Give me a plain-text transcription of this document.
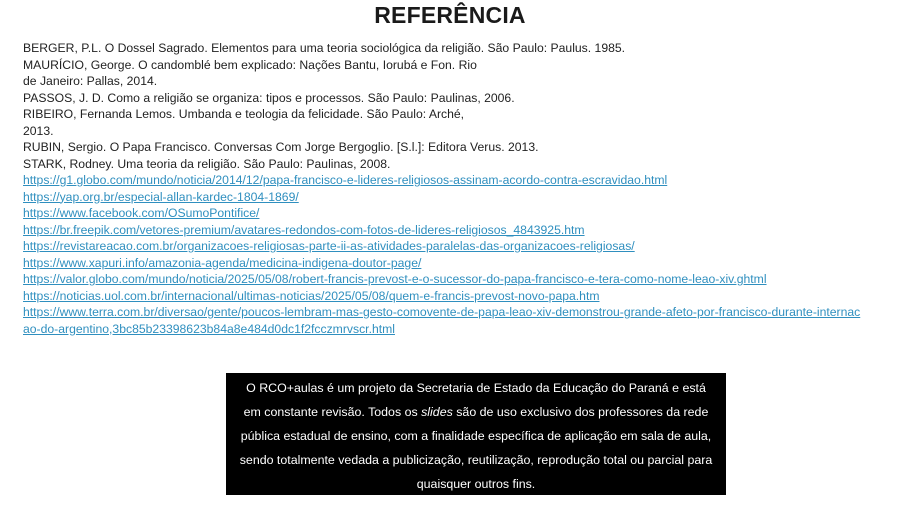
REFERÊNCIA
BERGER, P.L. O Dossel Sagrado. Elementos para uma teoria sociológica da religião. São Paulo: Paulus. 1985.
MAURÍCIO, George. O candomblé bem explicado: Nações Bantu, Iorubá e Fon. Rio
de Janeiro: Pallas, 2014.
PASSOS, J. D. Como a religião se organiza: tipos e processos. São Paulo: Paulinas, 2006.
RIBEIRO, Fernanda Lemos. Umbanda e teologia da felicidade. São Paulo: Arché,
2013.
RUBIN, Sergio. O Papa Francisco. Conversas Com Jorge Bergoglio. [S.l.]: Editora Verus. 2013.
STARK, Rodney. Uma teoria da religião. São Paulo: Paulinas, 2008.
https://g1.globo.com/mundo/noticia/2014/12/papa-francisco-e-lideres-religiosos-assinam-acordo-contra-escravidao.html
https://yap.org.br/especial-allan-kardec-1804-1869/
https://www.facebook.com/OSumoPontifice/
https://br.freepik.com/vetores-premium/avatares-redondos-com-fotos-de-lideres-religiosos_4843925.htm
https://revistareacao.com.br/organizacoes-religiosas-parte-ii-as-atividades-paralelas-das-organizacoes-religiosas/
https://www.xapuri.info/amazonia-agenda/medicina-indigena-doutor-page/
https://valor.globo.com/mundo/noticia/2025/05/08/robert-francis-prevost-e-o-sucessor-do-papa-francisco-e-tera-como-nome-leao-xiv.ghtml
https://noticias.uol.com.br/internacional/ultimas-noticias/2025/05/08/quem-e-francis-prevost-novo-papa.htm
https://www.terra.com.br/diversao/gente/poucos-lembram-mas-gesto-comovente-de-papa-leao-xiv-demonstrou-grande-afeto-por-francisco-durante-internacao-do-argentino,3bc85b23398623b84a8e484d0dc1f2fcczmrvscr.html
O RCO+aulas é um projeto da Secretaria de Estado da Educação do Paraná e está em constante revisão. Todos os slides são de uso exclusivo dos professores da rede pública estadual de ensino, com a finalidade específica de aplicação em sala de aula, sendo totalmente vedada a publicização, reutilização, reprodução total ou parcial para quaisquer outros fins.
